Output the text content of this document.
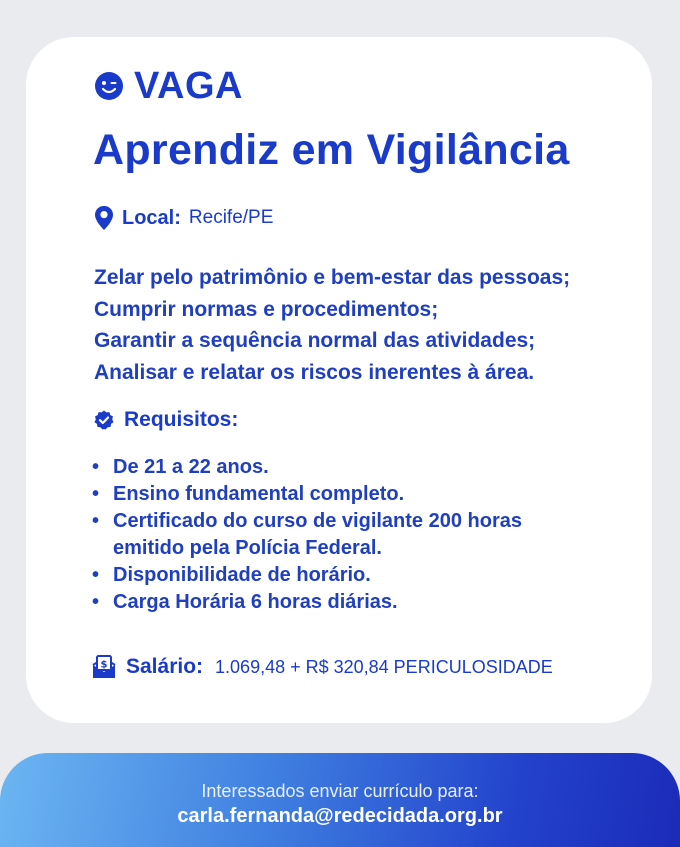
VAGA
Aprendiz em Vigilância
Local: Recife/PE
Zelar pelo patrimônio e bem-estar das pessoas;
Cumprir normas e procedimentos;
Garantir a sequência normal das atividades;
Analisar e relatar os riscos inerentes à área.
Requisitos:
• De 21 a 22 anos.
• Ensino fundamental completo.
• Certificado do curso de vigilante 200 horas emitido pela Polícia Federal.
• Disponibilidade de horário.
• Carga Horária 6 horas diárias.
$ Salário: 1.069,48 + R$ 320,84 PERICULOSIDADE
Interessados enviar currículo para:
carla.fernanda@redecidada.org.br
